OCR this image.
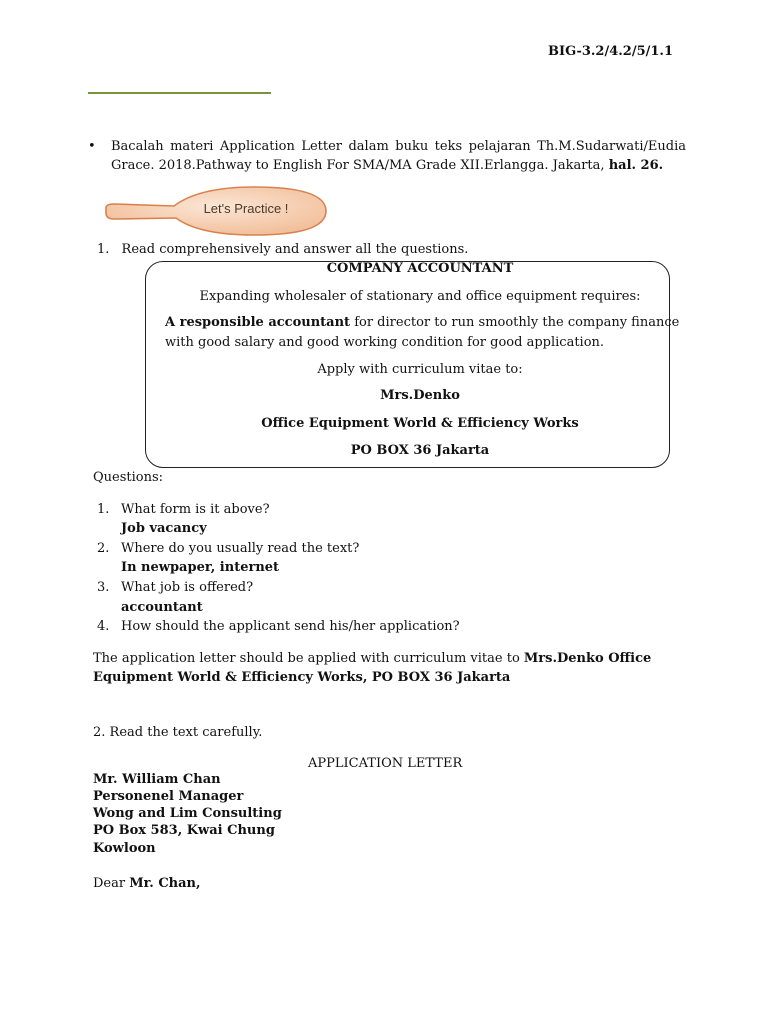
BIG-3.2/4.2/5/1.1
• Bacalah materi Application Letter dalam buku teks pelajaran Th.M.Sudarwati/Eudia Grace. 2018.Pathway to English For SMA/MA Grade XII.Erlangga. Jakarta, hal. 26.
Let's Practice !
1. Read comprehensively and answer all the questions.
COMPANY ACCOUNTANT
Expanding wholesaler of stationary and office equipment requires:
A responsible accountant for director to run smoothly the company finance
with good salary and good working condition for good application.
Apply with curriculum vitae to:
Mrs.Denko
Office Equipment World & Efficiency Works
PO BOX 36 Jakarta
Questions:
1. What form is it above?
Job vacancy
2. Where do you usually read the text?
In newpaper, internet
3. What job is offered?
accountant
4. How should the applicant send his/her application?
The application letter should be applied with curriculum vitae to Mrs.Denko Office Equipment World & Efficiency Works, PO BOX 36 Jakarta
2. Read the text carefully.
APPLICATION LETTER
Mr. William Chan
Personenel Manager
Wong and Lim Consulting
PO Box 583, Kwai Chung
Kowloon
Dear Mr. Chan,
